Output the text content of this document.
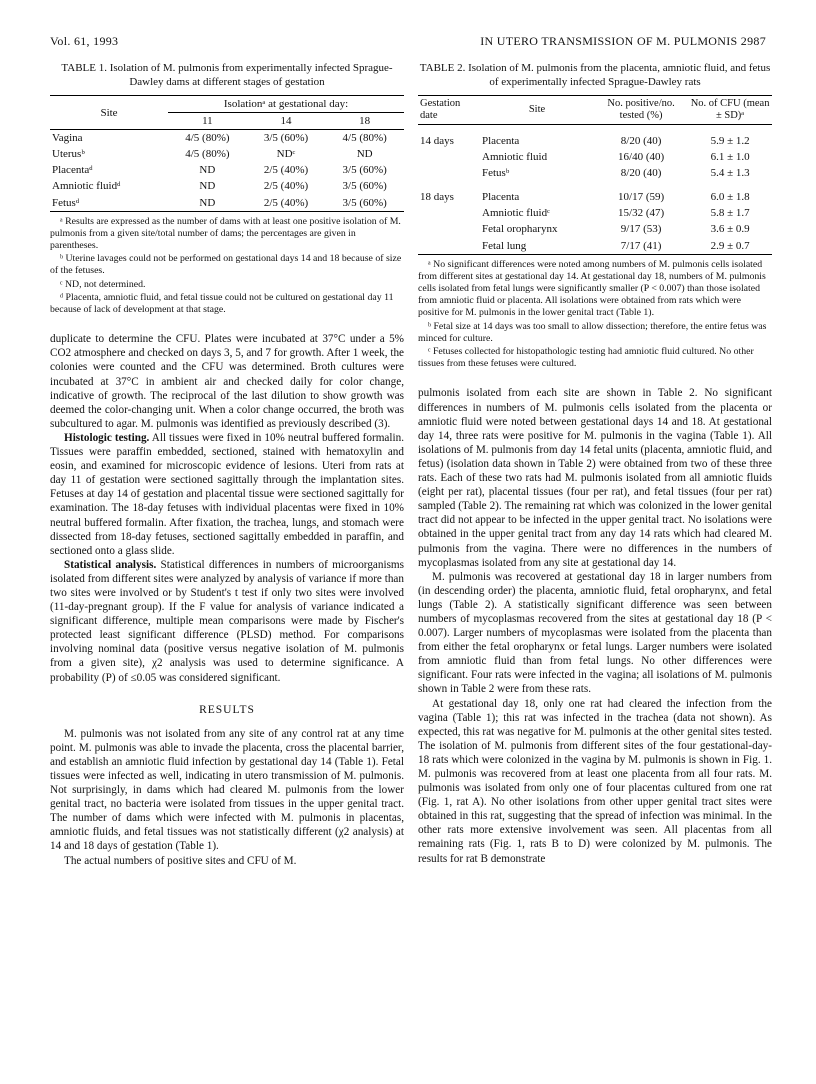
Vol. 61, 1993	IN UTERO TRANSMISSION OF M. PULMONIS 2987
TABLE 1. Isolation of M. pulmonis from experimentally infected Sprague-Dawley dams at different stages of gestation
Site	Isolationᵃ at gestational day:		
	11	14	18
Vagina	4/5 (80%)	3/5 (60%)	4/5 (80%)
Uterusᵇ	4/5 (80%)	NDᶜ	ND
Placentaᵈ	ND	2/5 (40%)	3/5 (60%)
Amniotic fluidᵈ	ND	2/5 (40%)	3/5 (60%)
Fetusᵈ	ND	2/5 (40%)	3/5 (60%)

ᵃ Results are expressed as the number of dams with at least one positive isolation of M. pulmonis from a given site/total number of dams; the percentages are given in parentheses.

ᵇ Uterine lavages could not be performed on gestational days 14 and 18 because of size of the fetuses.

ᶜ ND, not determined.

ᵈ Placenta, amniotic fluid, and fetal tissue could not be cultured on gestational day 11 because of lack of development at that stage.

duplicate to determine the CFU. Plates were incubated at 37°C under a 5% CO2 atmosphere and checked on days 3, 5, and 7 for growth. After 1 week, the colonies were counted and the CFU was determined. Broth cultures were incubated at 37°C in ambient air and checked daily for color change, indicative of growth. The reciprocal of the last dilution to show growth was deemed the color-changing unit. When a color change occurred, the broth was subcultured to agar. M. pulmonis was identified as previously described (3).

Histologic testing. All tissues were fixed in 10% neutral buffered formalin. Tissues were paraffin embedded, sectioned, stained with hematoxylin and eosin, and examined for microscopic evidence of lesions. Uteri from rats at day 11 of gestation were sectioned sagittally through the implantation sites. Fetuses at day 14 of gestation and placental tissue were sectioned sagittally for examination. The 18-day fetuses with individual placentas were fixed in 10% neutral buffered formalin. After fixation, the trachea, lungs, and stomach were dissected from 18-day fetuses, sectioned sagittally embedded in paraffin, and sectioned onto a glass slide.

Statistical analysis. Statistical differences in numbers of microorganisms isolated from different sites were analyzed by analysis of variance if more than two sites were involved or by Student's t test if only two sites were involved (11-day-pregnant group). If the F value for analysis of variance indicated a significant difference, multiple mean comparisons were made by Fischer's protected least significant difference (PLSD) method. For comparisons involving nominal data (positive versus negative isolation of M. pulmonis from a given site), χ2 analysis was used to determine significance. A probability (P) of ≤0.05 was considered significant.

RESULTS

M. pulmonis was not isolated from any site of any control rat at any time point. M. pulmonis was able to invade the placenta, cross the placental barrier, and establish an amniotic fluid infection by gestational day 14 (Table 1). Fetal tissues were infected as well, indicating in utero transmission of M. pulmonis. Not surprisingly, in dams which had cleared M. pulmonis from the lower genital tract, no bacteria were isolated from tissues in the upper genital tract. The number of dams which were infected with M. pulmonis in placentas, amniotic fluids, and fetal tissues was not statistically different (χ2 analysis) at 14 and 18 days of gestation (Table 1).

The actual numbers of positive sites and CFU of M.

TABLE 2. Isolation of M. pulmonis from the placenta, amniotic fluid, and fetus of experimentally infected Sprague-Dawley rats
Gestation date	Site	No. positive/no. tested (%)	No. of CFU (mean ± SD)ᵃ
14 days	Placenta	8/20 (40)	5.9 ± 1.2
	Amniotic fluid	16/40 (40)	6.1 ± 1.0
	Fetusᵇ	8/20 (40)	5.4 ± 1.3
18 days	Placenta	10/17 (59)	6.0 ± 1.8
	Amniotic fluidᶜ	15/32 (47)	5.8 ± 1.7
	Fetal oropharynx	9/17 (53)	3.6 ± 0.9
	Fetal lung	7/17 (41)	2.9 ± 0.7

ᵃ No significant differences were noted among numbers of M. pulmonis cells isolated from different sites at gestational day 14. At gestational day 18, numbers of M. pulmonis cells isolated from fetal lungs were significantly smaller (P < 0.007) than those isolated from amniotic fluid or placenta. All isolations were obtained from rats which were positive for M. pulmonis in the lower genital tract (Table 1).

ᵇ Fetal size at 14 days was too small to allow dissection; therefore, the entire fetus was minced for culture.

ᶜ Fetuses collected for histopathologic testing had amniotic fluid cultured. No other tissues from these fetuses were cultured.

pulmonis isolated from each site are shown in Table 2. No significant differences in numbers of M. pulmonis cells isolated from the placenta or amniotic fluid were noted between gestational days 14 and 18. At gestational day 14, three rats were positive for M. pulmonis in the vagina (Table 1). All isolations of M. pulmonis from day 14 fetal units (placenta, amniotic fluid, and fetus) (isolation data shown in Table 2) were obtained from two of these three rats. Each of these two rats had M. pulmonis isolated from all amniotic fluids (eight per rat), placental tissues (four per rat), and fetal tissues (four per rat) sampled (Table 2). The remaining rat which was colonized in the lower genital tract did not appear to be infected in the upper genital tract. No isolations were obtained in the upper genital tract from any day 14 rats which had cleared M. pulmonis from the vagina. There were no differences in the numbers of mycoplasmas isolated from any site at gestational day 14.

M. pulmonis was recovered at gestational day 18 in larger numbers from (in descending order) the placenta, amniotic fluid, fetal oropharynx, and fetal lungs (Table 2). A statistically significant difference was seen between numbers of mycoplasmas recovered from the sites at gestational day 18 (P < 0.007). Larger numbers of mycoplasmas were isolated from the placenta than from either the fetal oropharynx or fetal lungs. Larger numbers were isolated from amniotic fluid than from fetal lungs. No other differences were significant. Four rats were infected in the vagina; all isolations of M. pulmonis shown in Table 2 were from these rats.

At gestational day 18, only one rat had cleared the infection from the vagina (Table 1); this rat was infected in the trachea (data not shown). As expected, this rat was negative for M. pulmonis at the other genital sites tested. The isolation of M. pulmonis from different sites of the four gestational-day-18 rats which were colonized in the vagina by M. pulmonis is shown in Fig. 1. M. pulmonis was recovered from at least one placenta from all four rats. M. pulmonis was isolated from only one of four placentas cultured from one rat (Fig. 1, rat A). No other isolations from other upper genital tract sites were obtained in this rat, suggesting that the spread of infection was minimal. In the other rats more extensive involvement was seen. All placentas from all remaining rats (Fig. 1, rats B to D) were colonized by M. pulmonis. The results for rat B demonstrate
